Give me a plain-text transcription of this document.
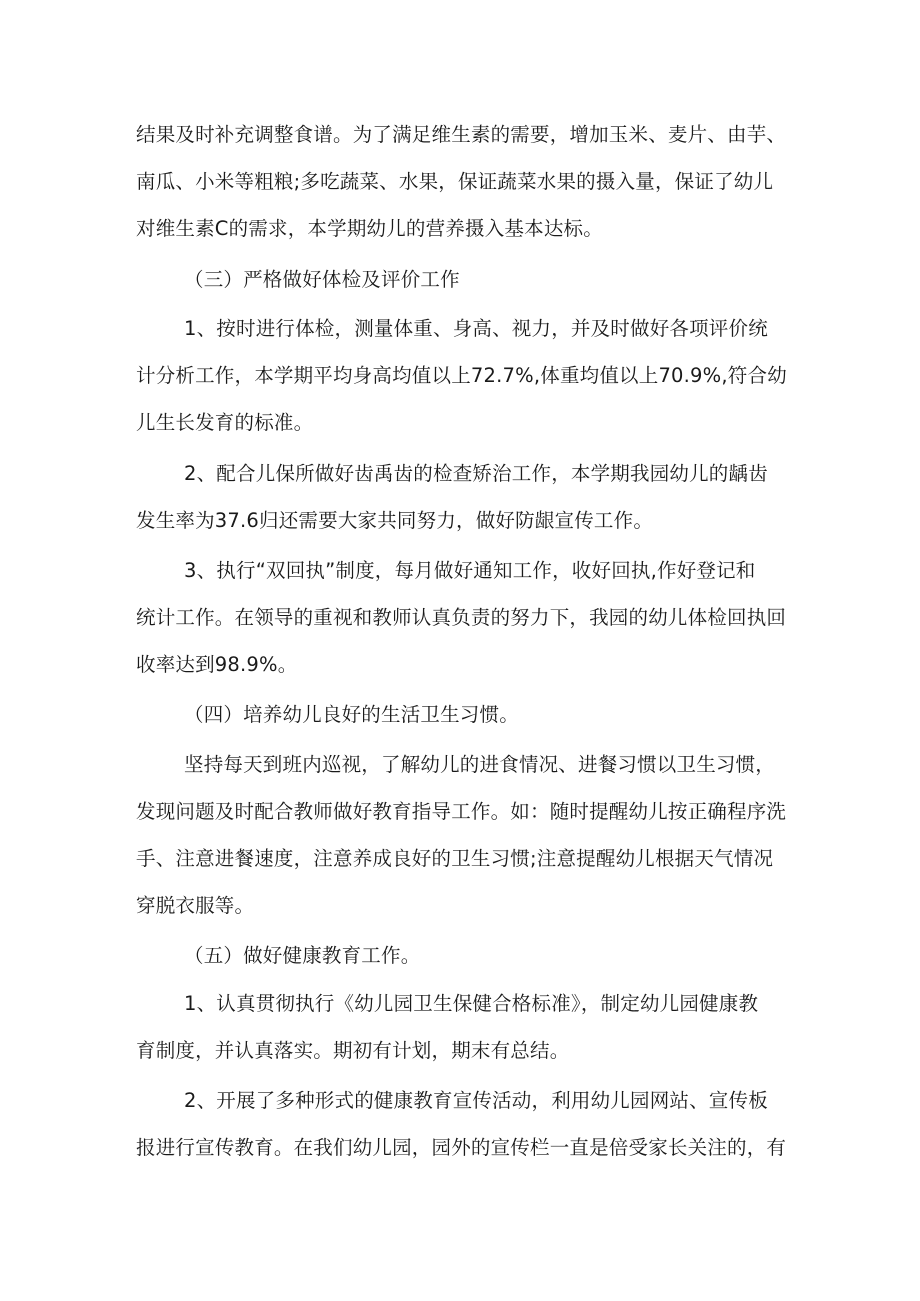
结果及时补充调整食谱。为了满足维生素的需要，增加玉米、麦片、由芋、
南瓜、小米等粗粮;多吃蔬菜、水果，保证蔬菜水果的摄入量，保证了幼儿
对维生素C的需求，本学期幼儿的营养摄入基本达标。
（三）严格做好体检及评价工作
1、按时进行体检，测量体重、身高、视力，并及时做好各项评价统
计分析工作，本学期平均身高均值以上72.7%,体重均值以上70.9%,符合幼
儿生长发育的标准。
2、配合儿保所做好齿禹齿的检查矫治工作，本学期我园幼儿的龋齿
发生率为37.6归还需要大家共同努力，做好防龈宣传工作。
3、执行“双回执”制度，每月做好通知工作，收好回执,作好登记和
统计工作。在领导的重视和教师认真负责的努力下，我园的幼儿体检回执回
收率达到98.9%。
（四）培养幼儿良好的生活卫生习惯。
坚持每天到班内巡视，了解幼儿的进食情况、进餐习惯以卫生习惯，
发现问题及时配合教师做好教育指导工作。如：随时提醒幼儿按正确程序洗
手、注意进餐速度，注意养成良好的卫生习惯;注意提醒幼儿根据天气情况
穿脱衣服等。
（五）做好健康教育工作。
1、认真贯彻执行《幼儿园卫生保健合格标准》，制定幼儿园健康教
育制度，并认真落实。期初有计划，期末有总结。
2、开展了多种形式的健康教育宣传活动，利用幼儿园网站、宣传板
报进行宣传教育。在我们幼儿园，园外的宣传栏一直是倍受家长关注的，有
